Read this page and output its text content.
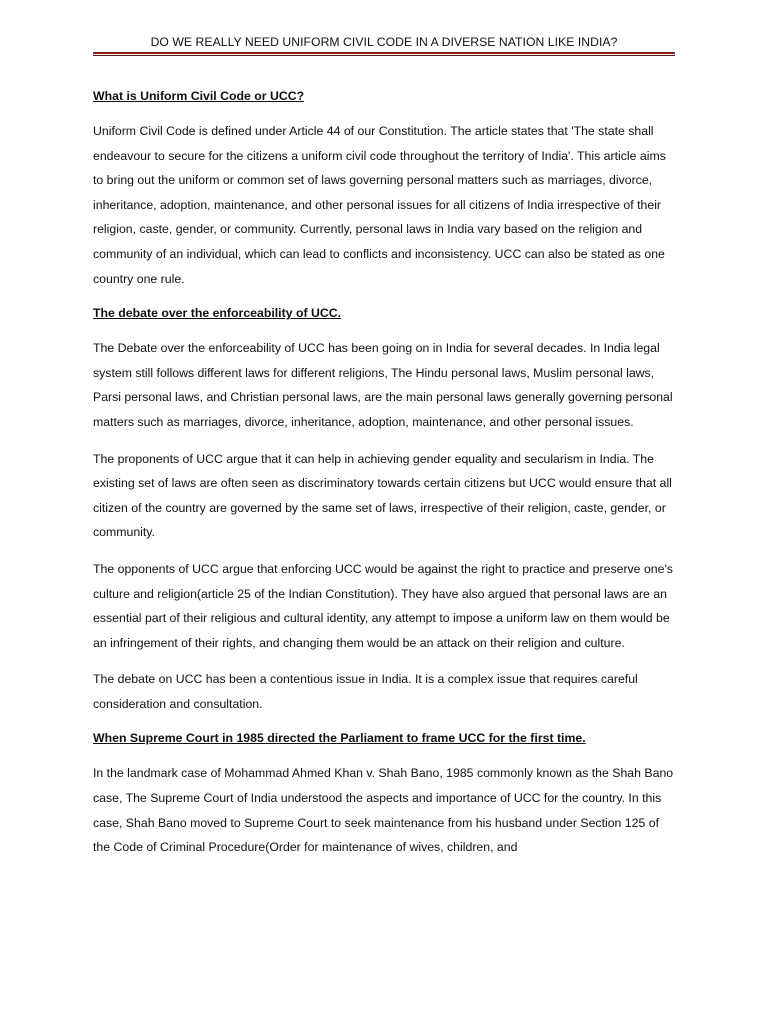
DO WE REALLY NEED UNIFORM CIVIL CODE IN A DIVERSE NATION LIKE INDIA?
What is Uniform Civil Code or UCC?

Uniform Civil Code is defined under Article 44 of our Constitution. The article states that 'The state shall endeavour to secure for the citizens a uniform civil code throughout the territory of India'. This article aims to bring out the uniform or common set of laws governing personal matters such as marriages, divorce, inheritance, adoption, maintenance, and other personal issues for all citizens of India irrespective of their religion, caste, gender, or community. Currently, personal laws in India vary based on the religion and community of an individual, which can lead to conflicts and inconsistency. UCC can also be stated as one country one rule.

The debate over the enforceability of UCC.

The Debate over the enforceability of UCC has been going on in India for several decades. In India legal system still follows different laws for different religions, The Hindu personal laws, Muslim personal laws, Parsi personal laws, and Christian personal laws, are the main personal laws generally governing personal matters such as marriages, divorce, inheritance, adoption, maintenance, and other personal issues.

The proponents of UCC argue that it can help in achieving gender equality and secularism in India. The existing set of laws are often seen as discriminatory towards certain citizens but UCC would ensure that all citizen of the country are governed by the same set of laws, irrespective of their religion, caste, gender, or community.

The opponents of UCC argue that enforcing UCC would be against the right to practice and preserve one's culture and religion(article 25 of the Indian Constitution). They have also argued that personal laws are an essential part of their religious and cultural identity, any attempt to impose a uniform law on them would be an infringement of their rights, and changing them would be an attack on their religion and culture.

The debate on UCC has been a contentious issue in India. It is a complex issue that requires careful consideration and consultation.

When Supreme Court in 1985 directed the Parliament to frame UCC for the first time.

In the landmark case of Mohammad Ahmed Khan v. Shah Bano, 1985 commonly known as the Shah Bano case, The Supreme Court of India understood the aspects and importance of UCC for the country. In this case, Shah Bano moved to Supreme Court to seek maintenance from his husband under Section 125 of the Code of Criminal Procedure(Order for maintenance of wives, children, and
